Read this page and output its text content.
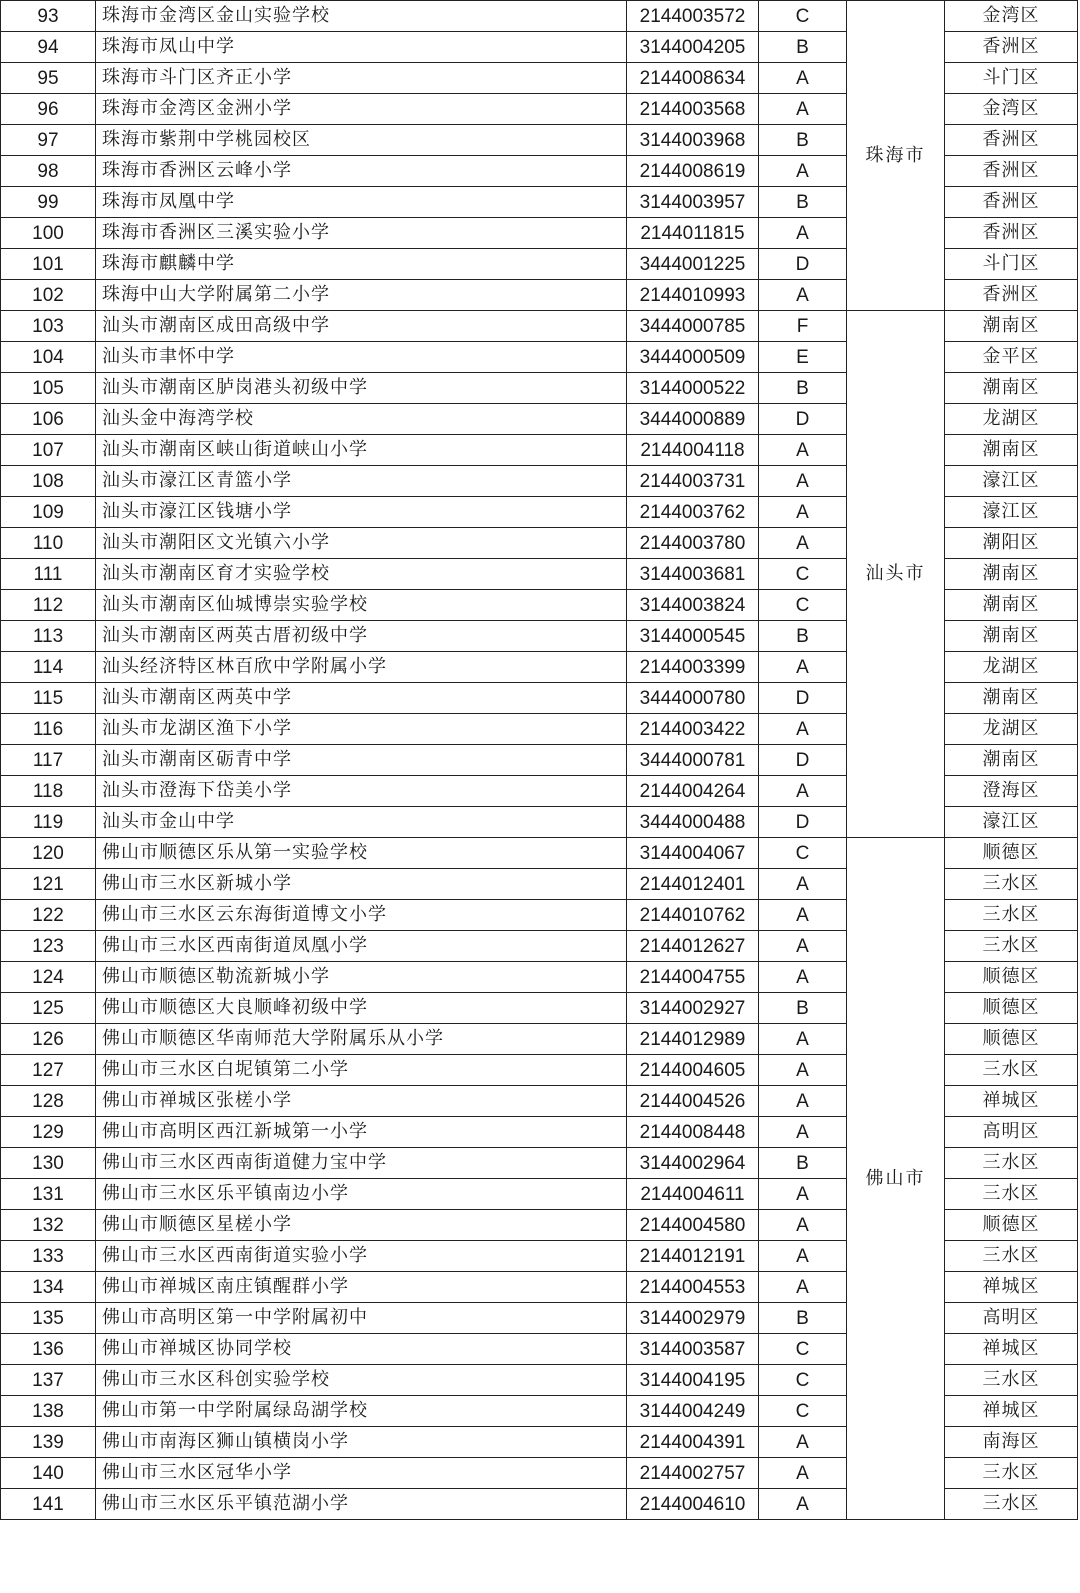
93	珠海市金湾区金山实验学校	2144003572	C	珠海市	金湾区
94	珠海市凤山中学	3144004205	B		香洲区
95	珠海市斗门区齐正小学	2144008634	A		斗门区
96	珠海市金湾区金洲小学	2144003568	A		金湾区
97	珠海市紫荆中学桃园校区	3144003968	B		香洲区
98	珠海市香洲区云峰小学	2144008619	A		香洲区
99	珠海市凤凰中学	3144003957	B		香洲区
100	珠海市香洲区三溪实验小学	2144011815	A		香洲区
101	珠海市麒麟中学	3444001225	D		斗门区
102	珠海中山大学附属第二小学	2144010993	A		香洲区
103	汕头市潮南区成田高级中学	3444000785	F	汕头市	潮南区
104	汕头市聿怀中学	3444000509	E		金平区
105	汕头市潮南区胪岗港头初级中学	3144000522	B		潮南区
106	汕头金中海湾学校	3444000889	D		龙湖区
107	汕头市潮南区峡山街道峡山小学	2144004118	A		潮南区
108	汕头市濠江区青篮小学	2144003731	A		濠江区
109	汕头市濠江区钱塘小学	2144003762	A		濠江区
110	汕头市潮阳区文光镇六小学	2144003780	A		潮阳区
111	汕头市潮南区育才实验学校	3144003681	C		潮南区
112	汕头市潮南区仙城博崇实验学校	3144003824	C		潮南区
113	汕头市潮南区两英古厝初级中学	3144000545	B		潮南区
114	汕头经济特区林百欣中学附属小学	2144003399	A		龙湖区
115	汕头市潮南区两英中学	3444000780	D		潮南区
116	汕头市龙湖区渔下小学	2144003422	A		龙湖区
117	汕头市潮南区砺青中学	3444000781	D		潮南区
118	汕头市澄海下岱美小学	2144004264	A		澄海区
119	汕头市金山中学	3444000488	D		濠江区
120	佛山市顺德区乐从第一实验学校	3144004067	C	佛山市	顺德区
121	佛山市三水区新城小学	2144012401	A		三水区
122	佛山市三水区云东海街道博文小学	2144010762	A		三水区
123	佛山市三水区西南街道凤凰小学	2144012627	A		三水区
124	佛山市顺德区勒流新城小学	2144004755	A		顺德区
125	佛山市顺德区大良顺峰初级中学	3144002927	B		顺德区
126	佛山市顺德区华南师范大学附属乐从小学	2144012989	A		顺德区
127	佛山市三水区白坭镇第二小学	2144004605	A		三水区
128	佛山市禅城区张槎小学	2144004526	A		禅城区
129	佛山市高明区西江新城第一小学	2144008448	A		高明区
130	佛山市三水区西南街道健力宝中学	3144002964	B		三水区
131	佛山市三水区乐平镇南边小学	2144004611	A		三水区
132	佛山市顺德区星槎小学	2144004580	A		顺德区
133	佛山市三水区西南街道实验小学	2144012191	A		三水区
134	佛山市禅城区南庄镇醒群小学	2144004553	A		禅城区
135	佛山市高明区第一中学附属初中	3144002979	B		高明区
136	佛山市禅城区协同学校	3144003587	C		禅城区
137	佛山市三水区科创实验学校	3144004195	C		三水区
138	佛山市第一中学附属绿岛湖学校	3144004249	C		禅城区
139	佛山市南海区狮山镇横岗小学	2144004391	A		南海区
140	佛山市三水区冠华小学	2144002757	A		三水区
141	佛山市三水区乐平镇范湖小学	2144004610	A		三水区
